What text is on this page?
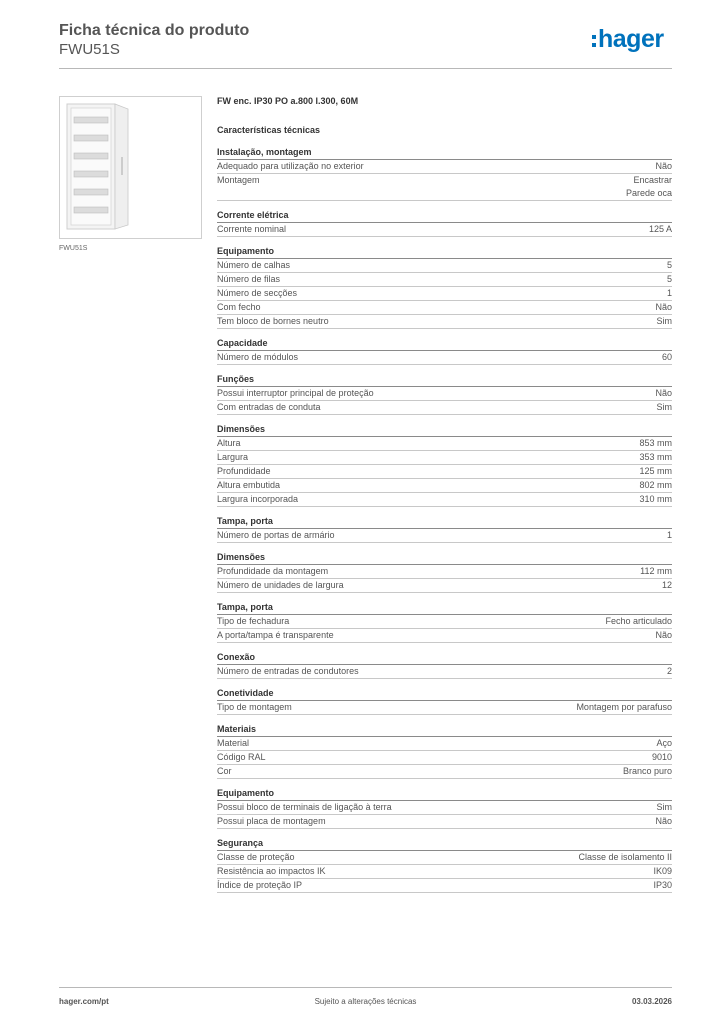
Ficha técnica do produto
FWU51S	hager
FWU51S
FW enc. IP30 PO a.800 l.300, 60M
Características técnicas
Instalação, montagem
Adequado para utilização no exterior	Não
Montagem	Encastrar
Parede oca
Corrente elétrica
Corrente nominal	125 A
Equipamento
Número de calhas	5
Número de filas	5
Número de secções	1
Com fecho	Não
Tem bloco de bornes neutro	Sim
Capacidade
Número de módulos	60
Funções
Possui interruptor principal de proteção	Não
Com entradas de conduta	Sim
Dimensões
Altura	853 mm
Largura	353 mm
Profundidade	125 mm
Altura embutida	802 mm
Largura incorporada	310 mm
Tampa, porta
Número de portas de armário	1
Dimensões
Profundidade da montagem	112 mm
Número de unidades de largura	12
Tampa, porta
Tipo de fechadura	Fecho articulado
A porta/tampa é transparente	Não
Conexão
Número de entradas de condutores	2
Conetividade
Tipo de montagem	Montagem por parafuso
Materiais
Material	Aço
Código RAL	9010
Cor	Branco puro
Equipamento
Possui bloco de terminais de ligação à terra	Sim
Possui placa de montagem	Não
Segurança
Classe de proteção	Classe de isolamento II
Resistência ao impactos IK	IK09
Índice de proteção IP	IP30
hager.com/pt	Sujeito a alterações técnicas	03.03.2026
